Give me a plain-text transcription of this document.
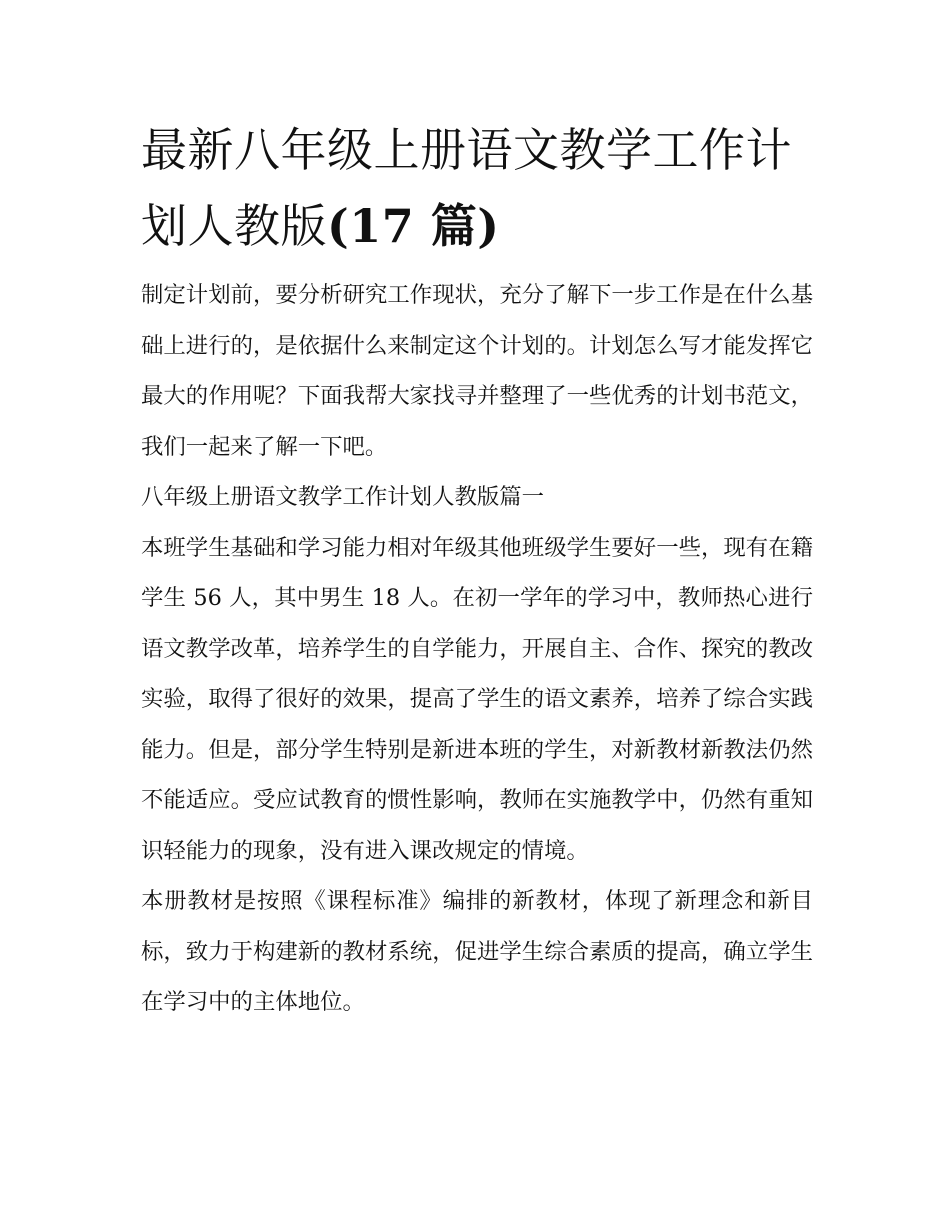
最新八年级上册语文教学工作计划人教版(17 篇)

制定计划前，要分析研究工作现状，充分了解下一步工作是在什么基础上进行的，是依据什么来制定这个计划的。计划怎么写才能发挥它最大的作用呢？下面我帮大家找寻并整理了一些优秀的计划书范文，我们一起来了解一下吧。

八年级上册语文教学工作计划人教版篇一

本班学生基础和学习能力相对年级其他班级学生要好一些，现有在籍学生 56 人，其中男生 18 人。在初一学年的学习中，教师热心进行语文教学改革，培养学生的自学能力，开展自主、合作、探究的教改实验，取得了很好的效果，提高了学生的语文素养，培养了综合实践能力。但是，部分学生特别是新进本班的学生，对新教材新教法仍然不能适应。受应试教育的惯性影响，教师在实施教学中，仍然有重知识轻能力的现象，没有进入课改规定的情境。

本册教材是按照《课程标准》编排的新教材，体现了新理念和新目标，致力于构建新的教材系统，促进学生综合素质的提高，确立学生在学习中的主体地位。
